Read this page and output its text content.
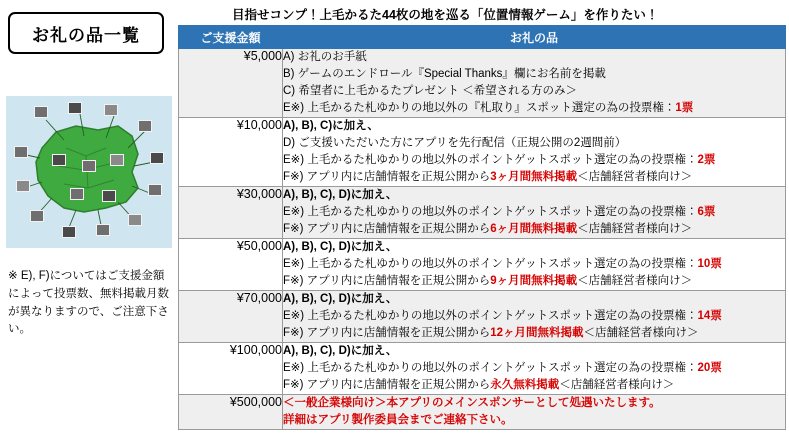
お礼の品一覧
※ E), F)についてはご支援金額
によって投票数、無料掲載月数
が異なりますので、ご注意下さい。
目指せコンプ！上毛かるた44枚の地を巡る「位置情報ゲーム」を作りたい！
ご支援金額	お礼の品
¥5,000	A) お礼のお手紙
B) ゲームのエンドロール『Special Thanks』欄にお名前を掲載
C) 希望者に上毛かるたプレゼント ＜希望される方のみ＞
E※) 上毛かるた札ゆかりの地以外の『札取り』スポット選定の為の投票権：1票

¥10,000	A), B), C)に加え、
D) ご支援いただいた方にアプリを先行配信（正規公開の2週間前）
E※) 上毛かるた札ゆかりの地以外のポイントゲットスポット選定の為の投票権：2票
F※) アプリ内に店舗情報を正規公開から3ヶ月間無料掲載＜店舗経営者様向け＞

¥30,000	A), B), C), D)に加え、
E※) 上毛かるた札ゆかりの地以外のポイントゲットスポット選定の為の投票権：6票
F※) アプリ内に店舗情報を正規公開から6ヶ月間無料掲載＜店舗経営者様向け＞

¥50,000	A), B), C), D)に加え、
E※) 上毛かるた札ゆかりの地以外のポイントゲットスポット選定の為の投票権：10票
F※) アプリ内に店舗情報を正規公開から9ヶ月間無料掲載＜店舗経営者様向け＞

¥70,000	A), B), C), D)に加え、
E※) 上毛かるた札ゆかりの地以外のポイントゲットスポット選定の為の投票権：14票
F※) アプリ内に店舗情報を正規公開から12ヶ月間無料掲載＜店舗経営者様向け＞

¥100,000	A), B), C), D)に加え、
E※) 上毛かるた札ゆかりの地以外のポイントゲットスポット選定の為の投票権：20票
F※) アプリ内に店舗情報を正規公開から永久無料掲載＜店舗経営者様向け＞

¥500,000	＜一般企業様向け＞本アプリのメインスポンサーとして処遇いたします。
詳細はアプリ製作委員会までご連絡下さい。
